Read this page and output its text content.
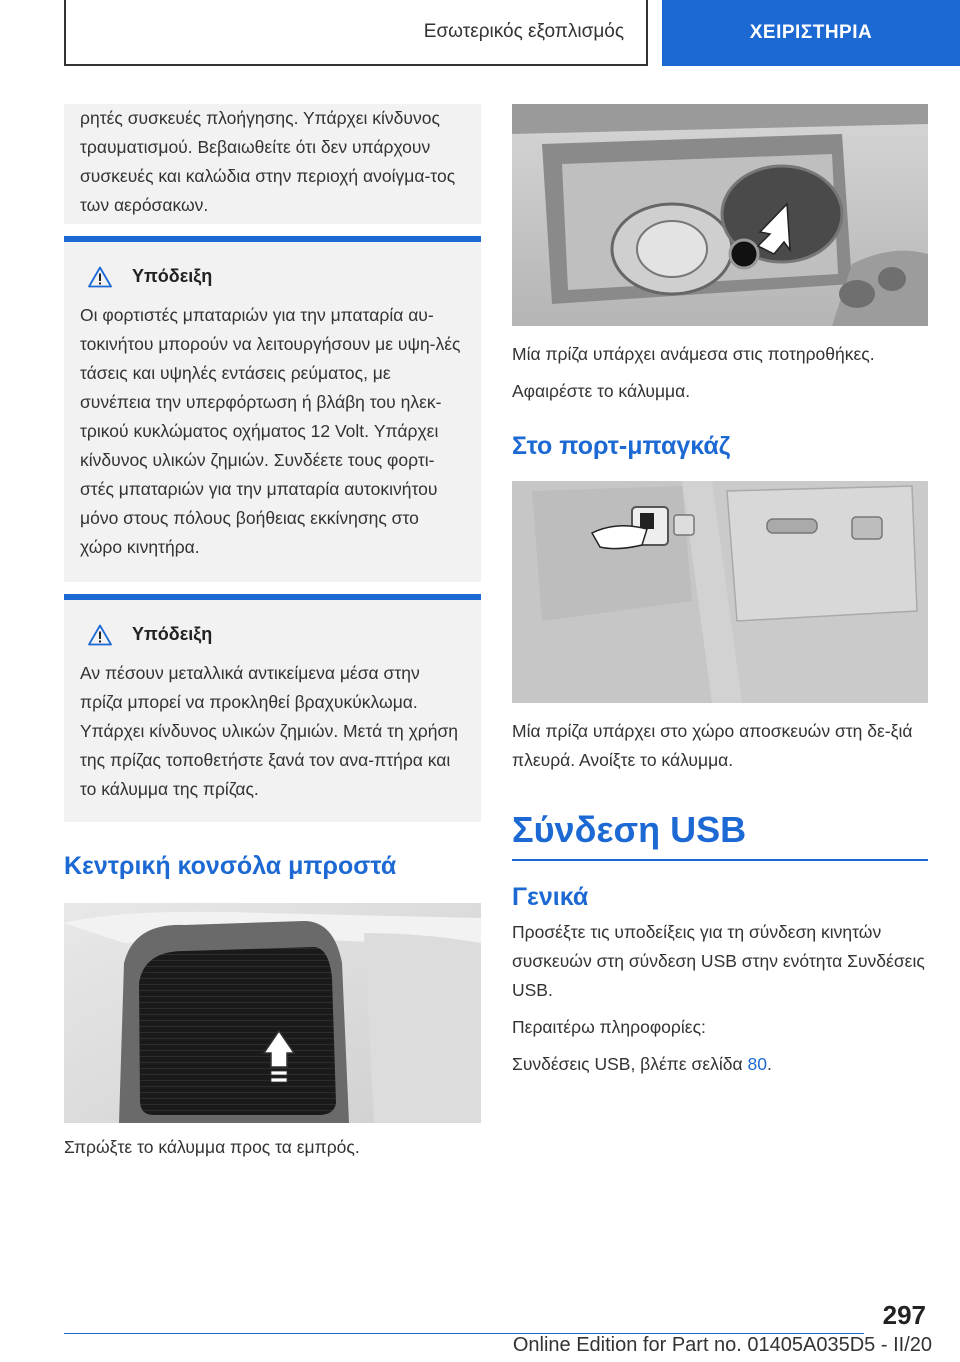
Εσωτερικός εξοπλισμός	ΧΕΙΡΙΣΤΗΡΙΑ
ρητές συσκευές πλοήγησης. Υπάρχει κίνδυνος τραυματισμού. Βεβαιωθείτε ότι δεν υπάρχουν συσκευές και καλώδια στην περιοχή ανοίγμα-τος των αερόσακων.
Υπόδειξη
Οι φορτιστές μπαταριών για την μπαταρία αυ-τοκινήτου μπορούν να λειτουργήσουν με υψη-λές τάσεις και υψηλές εντάσεις ρεύματος, με συνέπεια την υπερφόρτωση ή βλάβη του ηλεκ-τρικού κυκλώματος οχήματος 12 Volt. Υπάρχει κίνδυνος υλικών ζημιών. Συνδέετε τους φορτι-στές μπαταριών για την μπαταρία αυτοκινήτου μόνο στους πόλους βοήθειας εκκίνησης στο χώρο κινητήρα.
Υπόδειξη
Αν πέσουν μεταλλικά αντικείμενα μέσα στην πρίζα μπορεί να προκληθεί βραχυκύκλωμα. Υπάρχει κίνδυνος υλικών ζημιών. Μετά τη χρήση της πρίζας τοποθετήστε ξανά τον ανα-πτήρα και το κάλυμμα της πρίζας.
Κεντρική κονσόλα μπροστά
Σπρώξτε το κάλυμμα προς τα εμπρός.
Μία πρίζα υπάρχει ανάμεσα στις ποτηροθήκες.
Αφαιρέστε το κάλυμμα.
Στο πορτ-μπαγκάζ
Μία πρίζα υπάρχει στο χώρο αποσκευών στη δε-ξιά πλευρά. Ανοίξτε το κάλυμμα.
Σύνδεση USB
Γενικά
Προσέξτε τις υποδείξεις για τη σύνδεση κινητών συσκευών στη σύνδεση USB στην ενότητα Συνδέσεις USB.
Περαιτέρω πληροφορίες:
Συνδέσεις USB, βλέπε σελίδα 80.
297
Online Edition for Part no. 01405A035D5 - II/20
